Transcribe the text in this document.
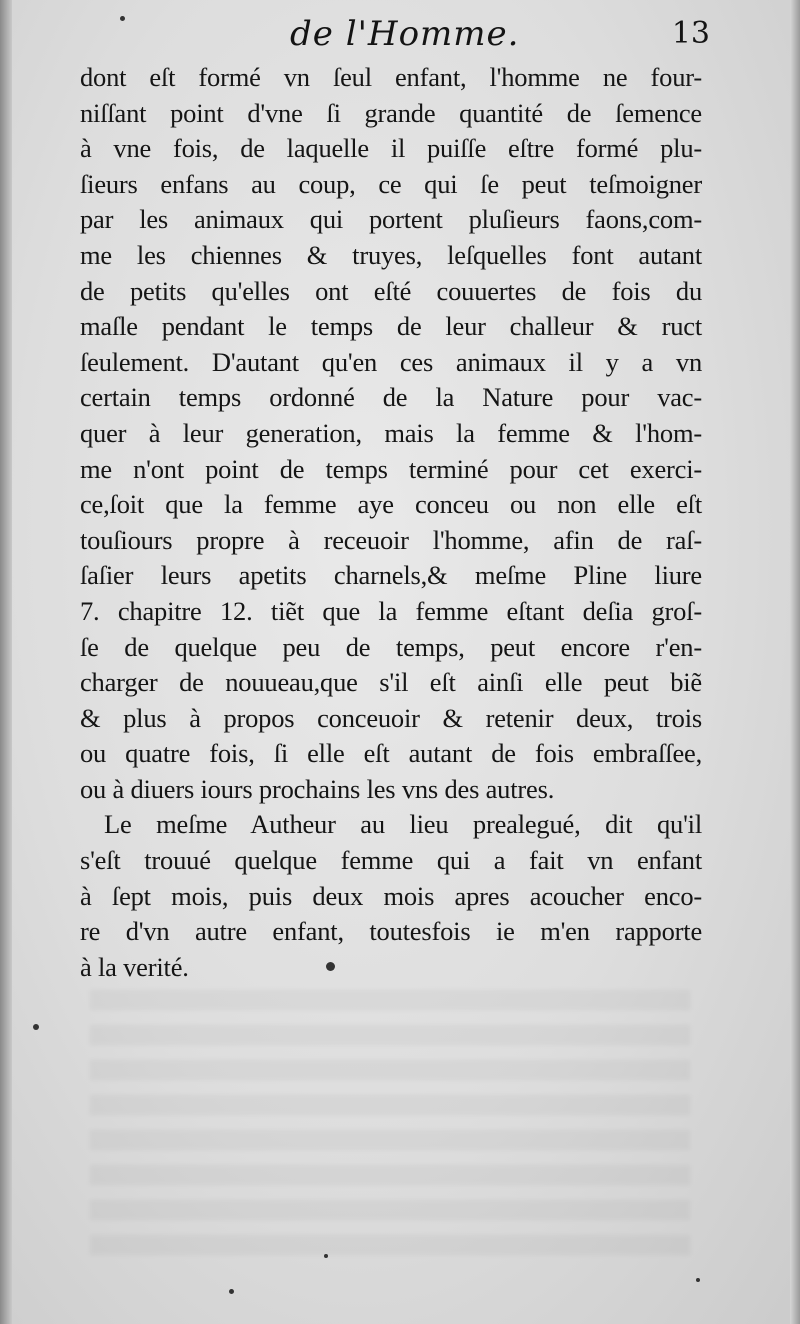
de l'Homme.	13
dont eſt formé vn ſeul enfant, l'homme ne four-
niſſant point d'vne ſi grande quantité de ſemence
à vne fois, de laquelle il puiſſe eſtre formé plu-
ſieurs enfans au coup, ce qui ſe peut teſmoigner
par les animaux qui portent pluſieurs faons,com-
me les chiennes & truyes, leſquelles font autant
de petits qu'elles ont eſté couuertes de fois du
maſle pendant le temps de leur challeur & ruct
ſeulement. D'autant qu'en ces animaux il y a vn
certain temps ordonné de la Nature pour vac-
quer à leur generation, mais la femme & l'hom-
me n'ont point de temps terminé pour cet exerci-
ce,ſoit que la femme aye conceu ou non elle eſt
touſiours propre à receuoir l'homme, afin de raſ-
ſaſier leurs apetits charnels,& meſme Pline liure
7. chapitre 12. tiẽt que la femme eſtant deſia groſ-
ſe de quelque peu de temps, peut encore r'en-
charger de nouueau,que s'il eſt ainſi elle peut biẽ
& plus à propos conceuoir & retenir deux, trois
ou quatre fois, ſi elle eſt autant de fois embraſſee,
ou à diuers iours prochains les vns des autres.
Le meſme Autheur au lieu prealegué, dit qu'il
s'eſt trouué quelque femme qui a fait vn enfant
à ſept mois, puis deux mois apres acoucher enco-
re d'vn autre enfant, toutesfois ie m'en rapporte
à la verité.
